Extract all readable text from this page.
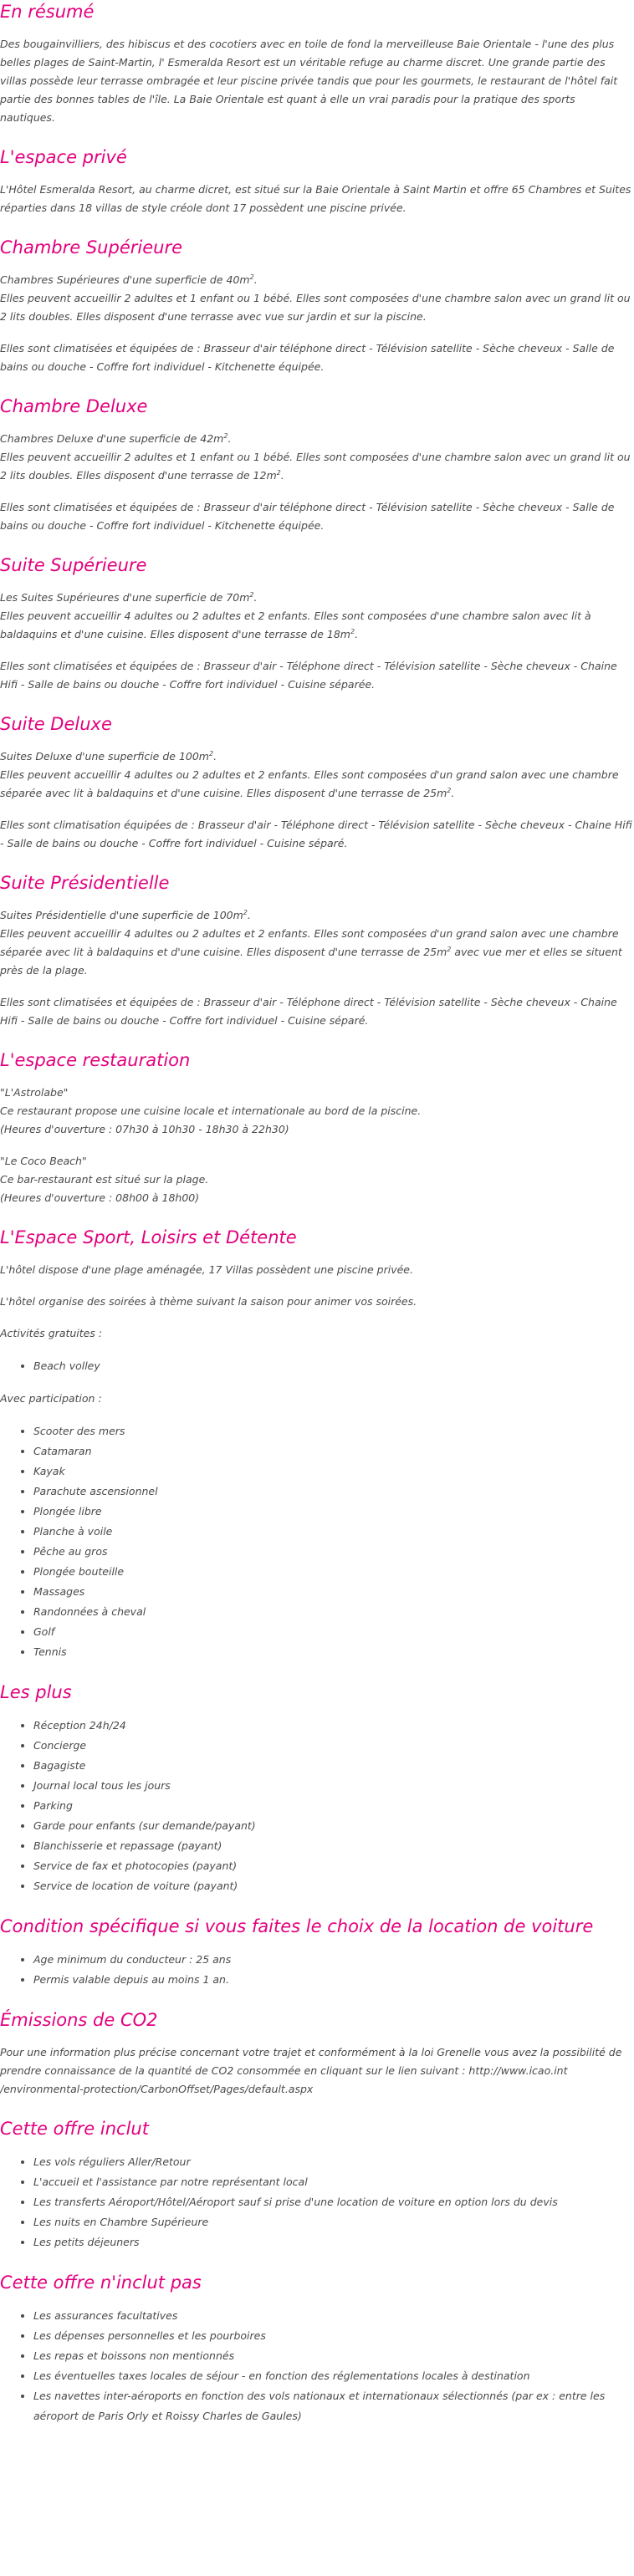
En résumé

Des bougainvilliers, des hibiscus et des cocotiers avec en toile de fond la merveilleuse Baie Orientale - l'une des plus belles plages de Saint-Martin, l' Esmeralda Resort est un véritable refuge au charme discret. Une grande partie des villas possède leur terrasse ombragée et leur piscine privée tandis que pour les gourmets, le restaurant de l'hôtel fait partie des bonnes tables de l'île. La Baie Orientale est quant à elle un vrai paradis pour la pratique des sports nautiques.

L'espace privé

L'Hôtel Esmeralda Resort, au charme dicret, est situé sur la Baie Orientale à Saint Martin et offre 65 Chambres et Suites réparties dans 18 villas de style créole dont 17 possèdent une piscine privée.

Chambre Supérieure

Chambres Supérieures d'une superficie de $40m^2$.
Elles peuvent accueillir 2 adultes et 1 enfant ou 1 bébé. Elles sont composées d'une chambre salon avec un grand lit ou 2 lits doubles. Elles disposent d'une terrasse avec vue sur jardin et sur la piscine.

Elles sont climatisées et équipées de : Brasseur d'air téléphone direct - Télévision satellite - Sèche cheveux - Salle de bains ou douche - Coffre fort individuel - Kitchenette équipée.

Chambre Deluxe

Chambres Deluxe d'une superficie de $42m^2$.
Elles peuvent accueillir 2 adultes et 1 enfant ou 1 bébé. Elles sont composées d'une chambre salon avec un grand lit ou 2 lits doubles. Elles disposent d'une terrasse de $12m^2$.

Elles sont climatisées et équipées de : Brasseur d'air téléphone direct - Télévision satellite - Sèche cheveux - Salle de bains ou douche - Coffre fort individuel - Kitchenette équipée.

Suite Supérieure

Les Suites Supérieures d'une superficie de $70m^2$.
Elles peuvent accueillir 4 adultes ou 2 adultes et 2 enfants. Elles sont composées d'une chambre salon avec lit à baldaquins et d'une cuisine. Elles disposent d'une terrasse de $18m^2$.

Elles sont climatisées et équipées de : Brasseur d'air - Téléphone direct - Télévision satellite - Sèche cheveux - Chaine Hifi - Salle de bains ou douche - Coffre fort individuel - Cuisine séparée.

Suite Deluxe

Suites Deluxe d'une superficie de $100m^2$.
Elles peuvent accueillir 4 adultes ou 2 adultes et 2 enfants. Elles sont composées d'un grand salon avec une chambre séparée avec lit à baldaquins et d'une cuisine. Elles disposent d'une terrasse de $25m^2$.

Elles sont climatisation équipées de : Brasseur d'air - Téléphone direct - Télévision satellite - Sèche cheveux - Chaine Hifi - Salle de bains ou douche - Coffre fort individuel - Cuisine séparé.

Suite Présidentielle

Suites Présidentielle d'une superficie de $100m^2$.
Elles peuvent accueillir 4 adultes ou 2 adultes et 2 enfants. Elles sont composées d'un grand salon avec une chambre séparée avec lit à baldaquins et d'une cuisine. Elles disposent d'une terrasse de $25m^2$ avec vue mer et elles se situent près de la plage.

Elles sont climatisées et équipées de : Brasseur d'air - Téléphone direct - Télévision satellite - Sèche cheveux - Chaine Hifi - Salle de bains ou douche - Coffre fort individuel - Cuisine séparé.

L'espace restauration

"L'Astrolabe"
Ce restaurant propose une cuisine locale et internationale au bord de la piscine.
(Heures d'ouverture : 07h30 à 10h30 - 18h30 à 22h30)

"Le Coco Beach"
Ce bar-restaurant est situé sur la plage.
(Heures d'ouverture : 08h00 à 18h00)

L'Espace Sport, Loisirs et Détente

L'hôtel dispose d'une plage aménagée, 17 Villas possèdent une piscine privée.

L'hôtel organise des soirées à thème suivant la saison pour animer vos soirées.

Activités gratuites :

• Beach volley

Avec participation :

• Scooter des mers
• Catamaran
• Kayak
• Parachute ascensionnel
• Plongée libre
• Planche à voile
• Pêche au gros
• Plongée bouteille
• Massages
• Randonnées à cheval
• Golf
• Tennis
Les plus
• Réception 24h/24
• Concierge
• Bagagiste
• Journal local tous les jours
• Parking
• Garde pour enfants (sur demande/payant)
• Blanchisserie et repassage (payant)
• Service de fax et photocopies (payant)
• Service de location de voiture (payant)
Condition spécifique si vous faites le choix de la location de voiture
• Age minimum du conducteur : 25 ans
• Permis valable depuis au moins 1 an.
Émissions de CO2

Pour une information plus précise concernant votre trajet et conformément à la loi Grenelle vous avez la possibilité de prendre connaissance de la quantité de CO2 consommée en cliquant sur le lien suivant : http://www.icao.int /environmental-protection/CarbonOffset/Pages/default.aspx

Cette offre inclut
• Les vols réguliers Aller/Retour
• L'accueil et l'assistance par notre représentant local
• Les transferts Aéroport/Hôtel/Aéroport sauf si prise d'une location de voiture en option lors du devis
• Les nuits en Chambre Supérieure
• Les petits déjeuners
Cette offre n'inclut pas
• Les assurances facultatives
• Les dépenses personnelles et les pourboires
• Les repas et boissons non mentionnés
• Les éventuelles taxes locales de séjour - en fonction des réglementations locales à destination
• Les navettes inter-aéroports en fonction des vols nationaux et internationaux sélectionnés (par ex : entre les aéroport de Paris Orly et Roissy Charles de Gaules)
